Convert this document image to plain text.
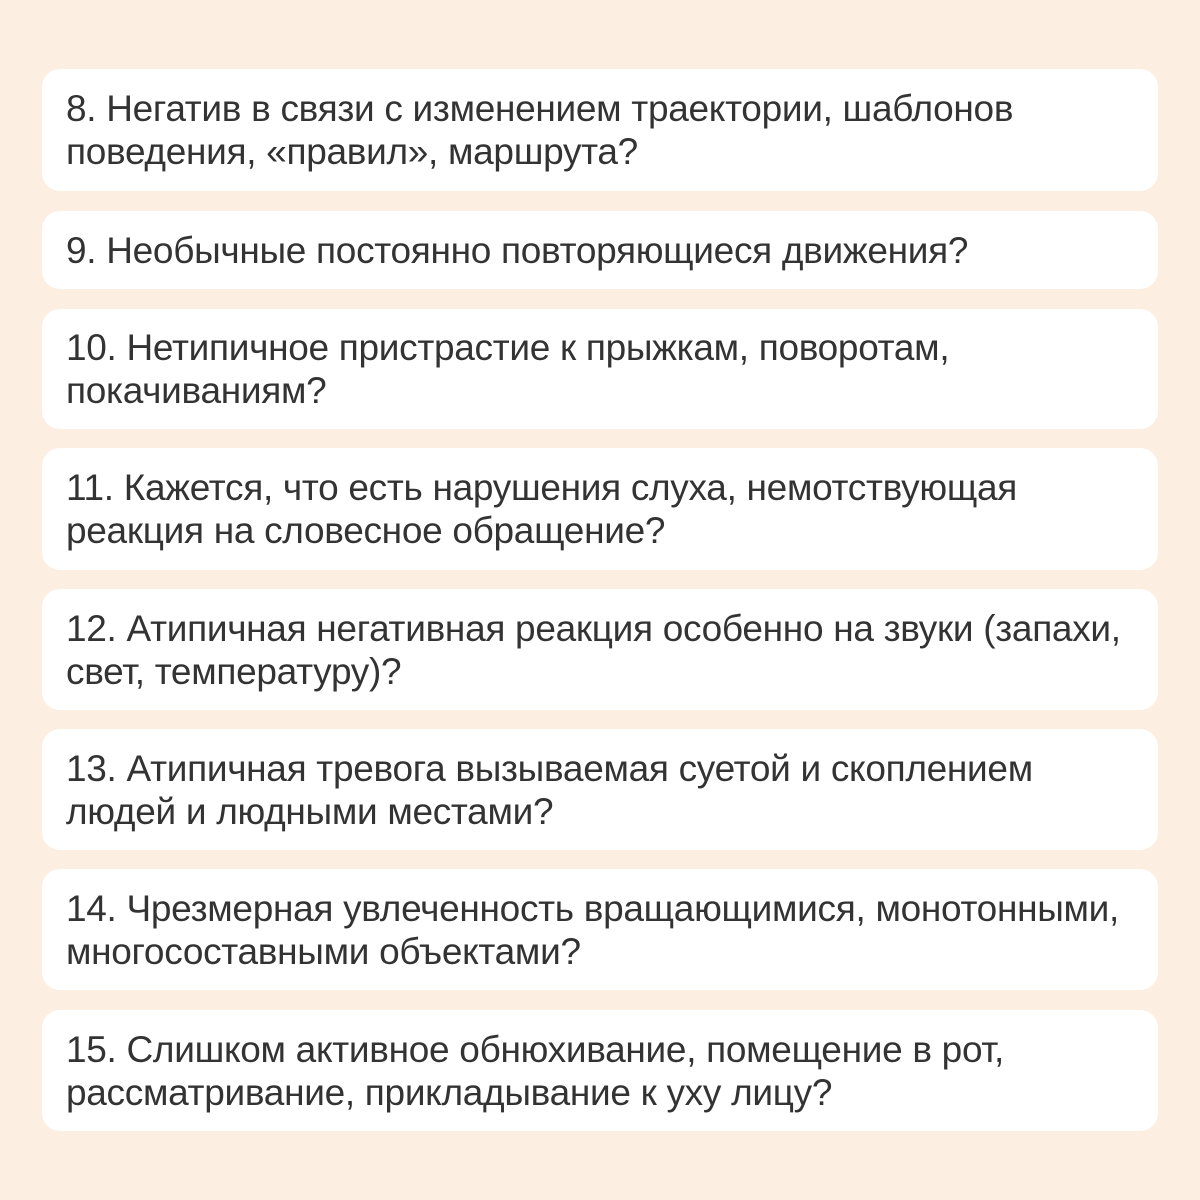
8. Негатив в связи с изменением траектории, шаблонов поведения, «правил», маршрута?

9. Необычные постоянно повторяющиеся движения?

10. Нетипичное пристрастие к прыжкам, поворотам, покачиваниям?

11. Кажется, что есть нарушения слуха, немотствующая реакция на словесное обращение?

12. Атипичная негативная реакция особенно на звуки (запахи, свет, температуру)?

13. Атипичная тревога вызываемая суетой и скоплением людей и людными местами?

14. Чрезмерная увлеченность вращающимися, монотонными, многосоставными объектами?

15. Слишком активное обнюхивание, помещение в рот, рассматривание, прикладывание к уху лицу?
